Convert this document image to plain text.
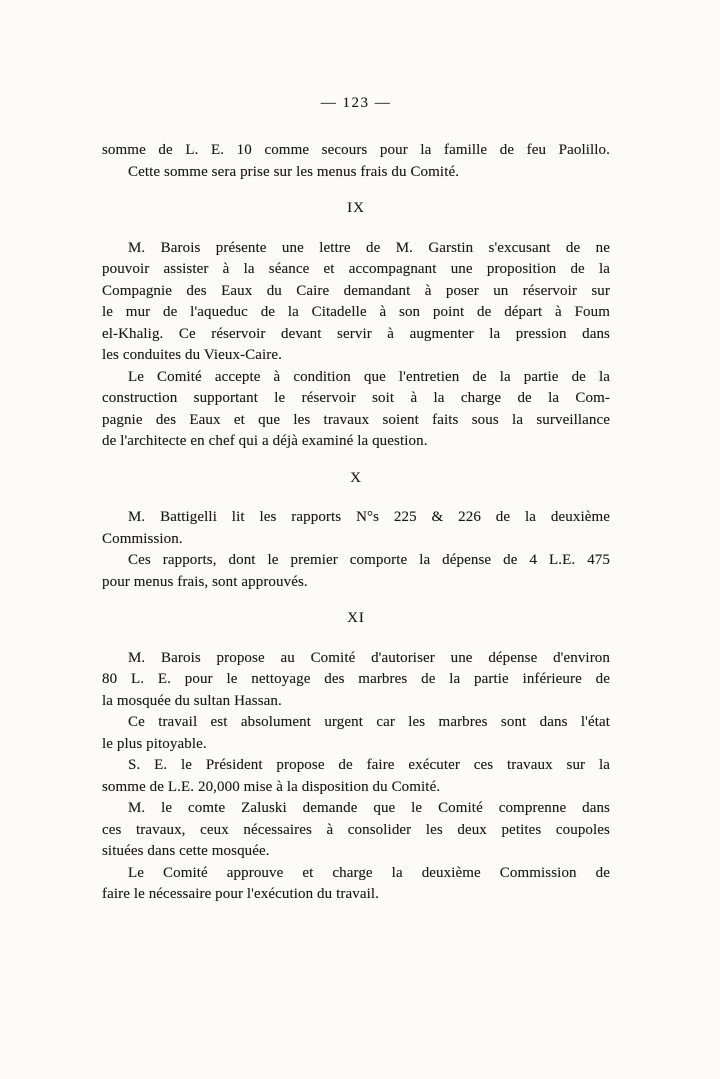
— 123 —
somme de L. E. 10 comme secours pour la famille de feu Paolillo.
Cette somme sera prise sur les menus frais du Comité.
IX
M. Barois présente une lettre de M. Garstin s'excusant de ne
pouvoir assister à la séance et accompagnant une proposition de la
Compagnie des Eaux du Caire demandant à poser un réservoir sur
le mur de l'aqueduc de la Citadelle à son point de départ à Foum
el-Khalig. Ce réservoir devant servir à augmenter la pression dans
les conduites du Vieux-Caire.
Le Comité accepte à condition que l'entretien de la partie de la
construction supportant le réservoir soit à la charge de la Com-
pagnie des Eaux et que les travaux soient faits sous la surveillance
de l'architecte en chef qui a déjà examiné la question.
X
M. Battigelli lit les rapports N°s 225 & 226 de la deuxième
Commission.
Ces rapports, dont le premier comporte la dépense de 4 L.E. 475
pour menus frais, sont approuvés.
XI
M. Barois propose au Comité d'autoriser une dépense d'environ
80 L. E. pour le nettoyage des marbres de la partie inférieure de
la mosquée du sultan Hassan.
Ce travail est absolument urgent car les marbres sont dans l'état
le plus pitoyable.
S. E. le Président propose de faire exécuter ces travaux sur la
somme de L.E. 20,000 mise à la disposition du Comité.
M. le comte Zaluski demande que le Comité comprenne dans
ces travaux, ceux nécessaires à consolider les deux petites coupoles
situées dans cette mosquée.
Le Comité approuve et charge la deuxième Commission de
faire le nécessaire pour l'exécution du travail.
